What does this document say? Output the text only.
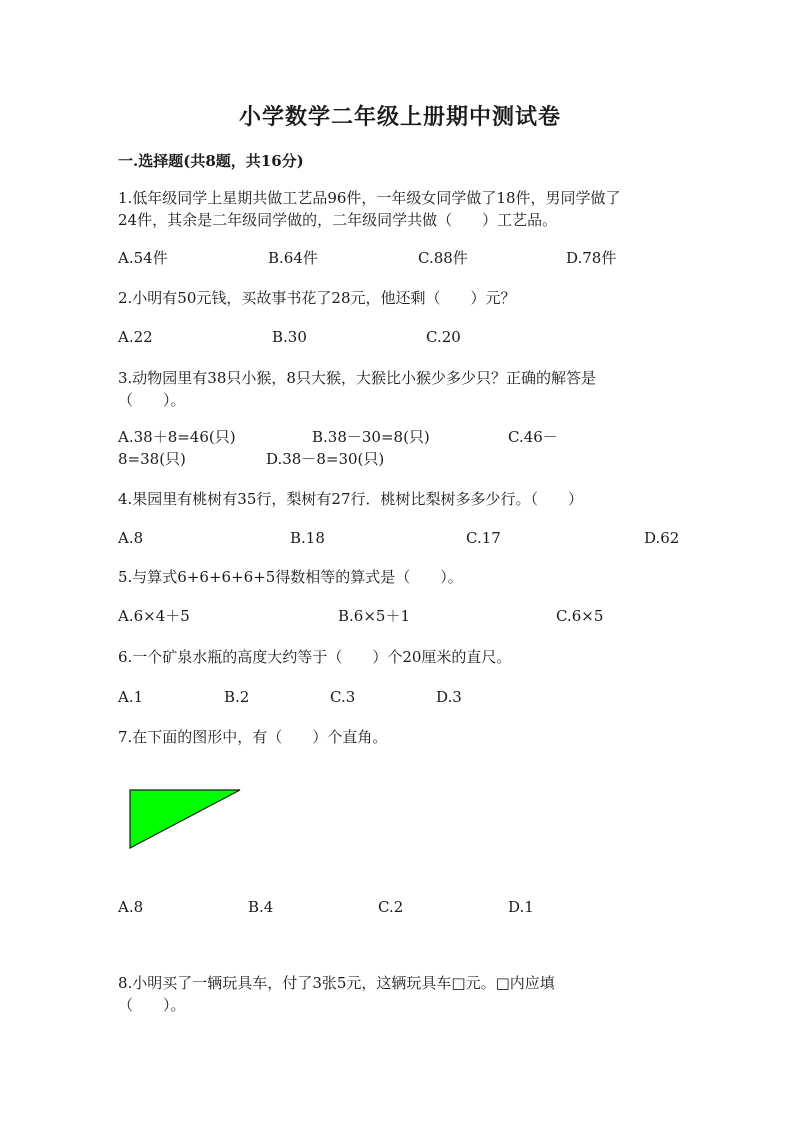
小学数学二年级上册期中测试卷
一.选择题(共8题，共16分)
1.低年级同学上星期共做工艺品96件，一年级女同学做了18件，男同学做了
24件，其余是二年级同学做的，二年级同学共做（　　）工艺品。
A.54件	B.64件	C.88件	D.78件
2.小明有50元钱，买故事书花了28元，他还剩（　　）元？
A.22	B.30	C.20
3.动物园里有38只小猴，8只大猴，大猴比小猴少多少只？正确的解答是
（　　）。
A.38＋8=46(只)	B.38－30=8(只)	C.46－
8=38(只)	D.38－8=30(只)
4.果园里有桃树有35行，梨树有27行．桃树比梨树多多少行。（　　）
A.8	B.18	C.17	D.62
5.与算式6+6+6+6+5得数相等的算式是（　　）。
A.6×4＋5	B.6×5＋1	C.6×5
6.一个矿泉水瓶的高度大约等于（　　）个20厘米的直尺。
A.1	B.2	C.3	D.3
7.在下面的图形中，有（　　）个直角。
A.8	B.4	C.2	D.1
8.小明买了一辆玩具车，付了3张5元，这辆玩具车□元。□内应填
（　　）。
